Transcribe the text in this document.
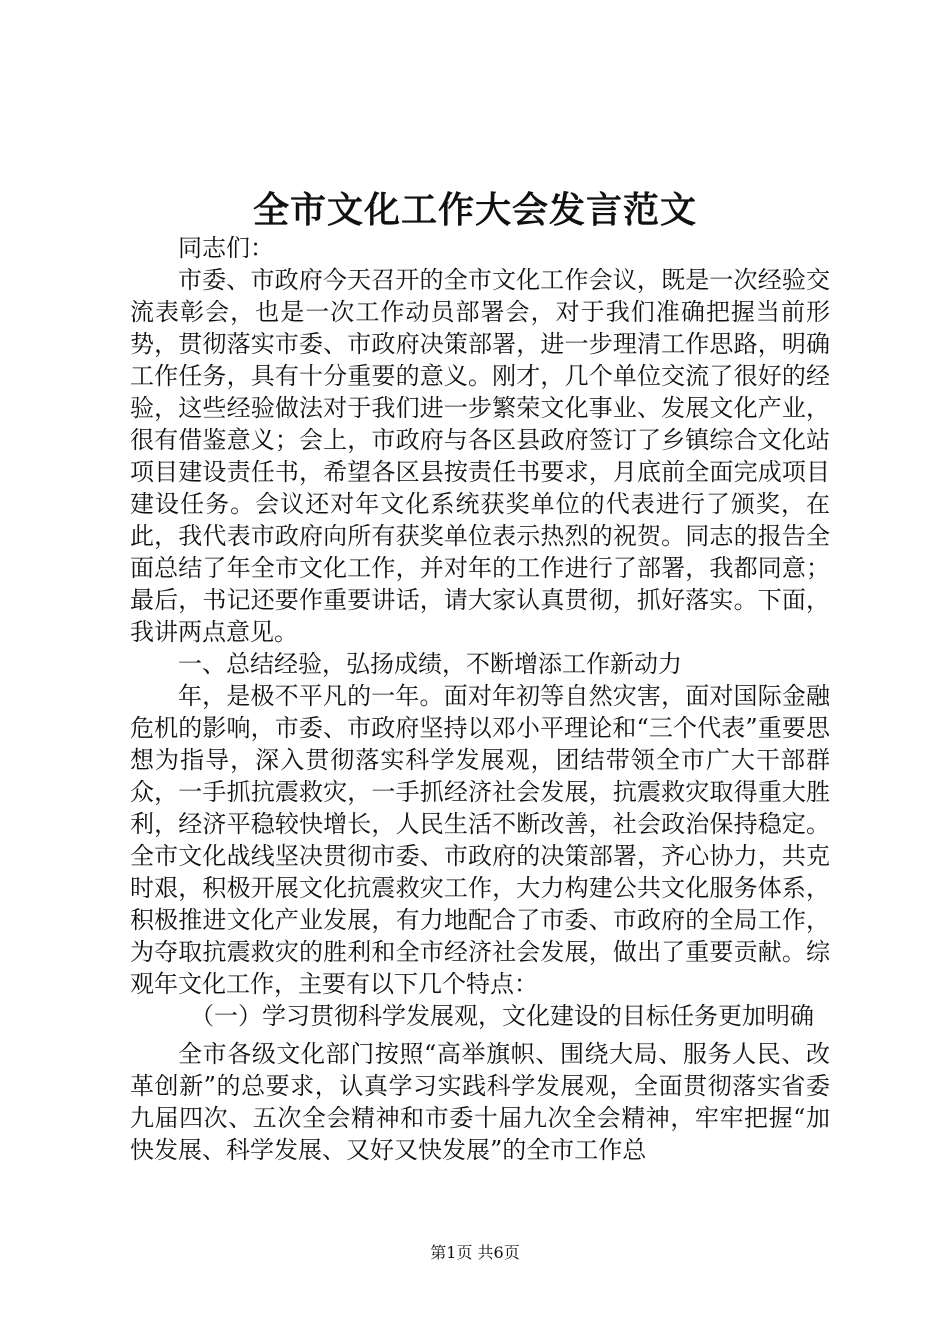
全市文化工作大会发言范文

同志们：

市委、市政府今天召开的全市文化工作会议，既是一次经验交流表彰会，也是一次工作动员部署会，对于我们准确把握当前形势，贯彻落实市委、市政府决策部署，进一步理清工作思路，明确工作任务，具有十分重要的意义。刚才，几个单位交流了很好的经验，这些经验做法对于我们进一步繁荣文化事业、发展文化产业，很有借鉴意义；会上，市政府与各区县政府签订了乡镇综合文化站项目建设责任书，希望各区县按责任书要求，月底前全面完成项目建设任务。会议还对年文化系统获奖单位的代表进行了颁奖，在此，我代表市政府向所有获奖单位表示热烈的祝贺。同志的报告全面总结了年全市文化工作，并对年的工作进行了部署，我都同意；最后，书记还要作重要讲话，请大家认真贯彻，抓好落实。下面，我讲两点意见。

一、总结经验，弘扬成绩，不断增添工作新动力

年，是极不平凡的一年。面对年初等自然灾害，面对国际金融危机的影响，市委、市政府坚持以邓小平理论和“三个代表”重要思想为指导，深入贯彻落实科学发展观，团结带领全市广大干部群众，一手抓抗震救灾，一手抓经济社会发展，抗震救灾取得重大胜利，经济平稳较快增长，人民生活不断改善，社会政治保持稳定。全市文化战线坚决贯彻市委、市政府的决策部署，齐心协力，共克时艰，积极开展文化抗震救灾工作，大力构建公共文化服务体系，积极推进文化产业发展，有力地配合了市委、市政府的全局工作，为夺取抗震救灾的胜利和全市经济社会发展，做出了重要贡献。综观年文化工作，主要有以下几个特点：

（一）学习贯彻科学发展观，文化建设的目标任务更加明确

全市各级文化部门按照“高举旗帜、围绕大局、服务人民、改革创新”的总要求，认真学习实践科学发展观，全面贯彻落实省委九届四次、五次全会精神和市委十届九次全会精神，牢牢把握“加快发展、科学发展、又好又快发展”的全市工作总

第1页 共6页
